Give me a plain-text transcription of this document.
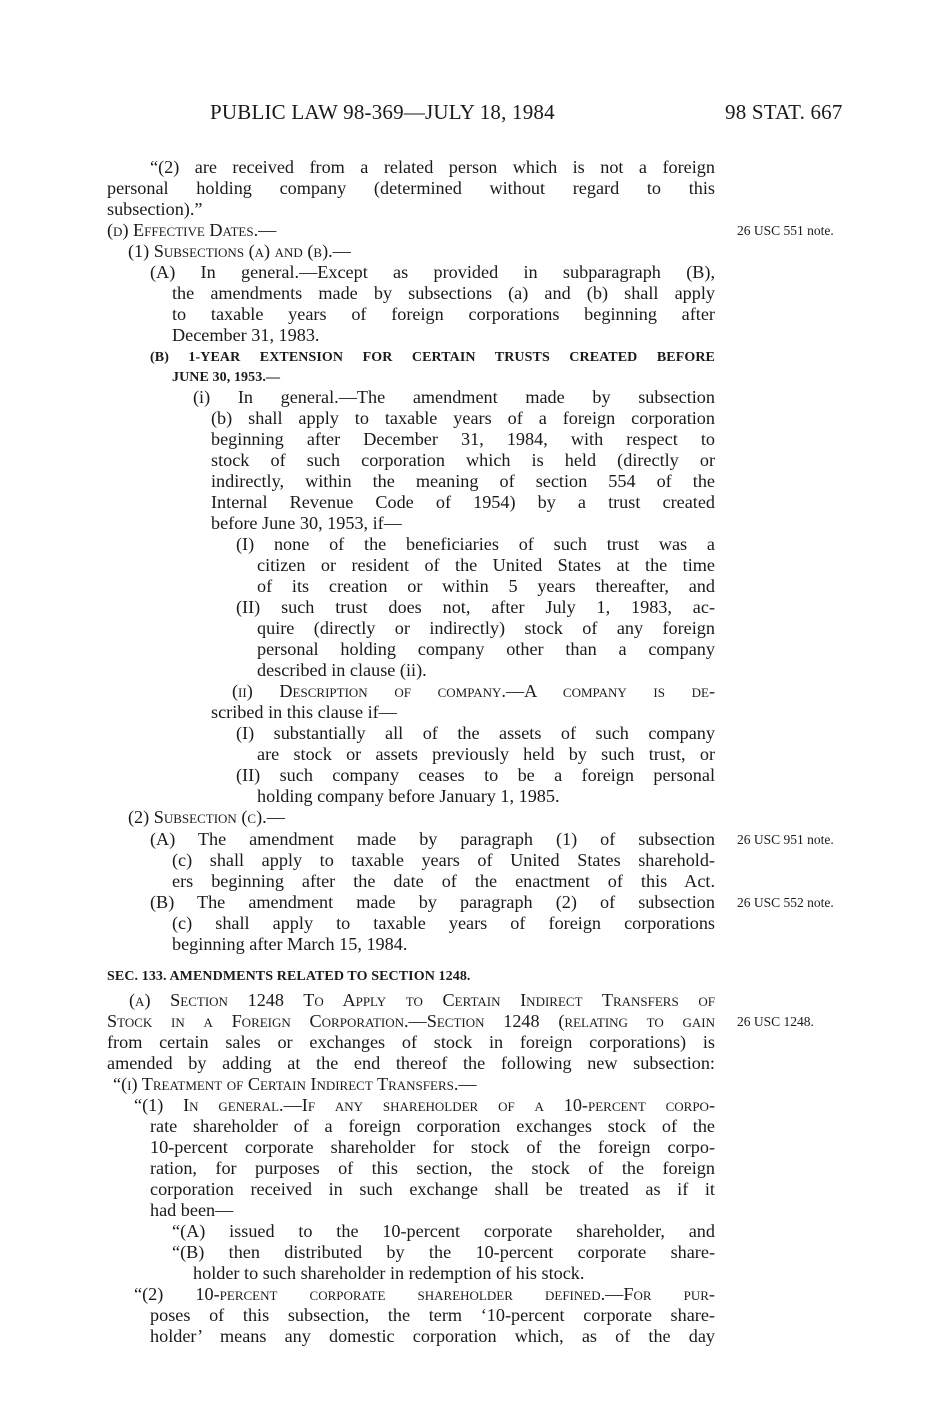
PUBLIC LAW 98-369—JULY 18, 1984	98 STAT. 667
“(2) are received from a related person which is not a foreign
personal holding company (determined without regard to this
subsection).”
(d) Effective Dates.—
(1) Subsections (a) and (b).—
(A) In general.—Except as provided in subparagraph (B),
the amendments made by subsections (a) and (b) shall apply
to taxable years of foreign corporations beginning after
December 31, 1983.
(B) 1-YEAR EXTENSION FOR CERTAIN TRUSTS CREATED BEFORE
JUNE 30, 1953.—
(i) In general.—The amendment made by subsection
(b) shall apply to taxable years of a foreign corporation
beginning after December 31, 1984, with respect to
stock of such corporation which is held (directly or
indirectly, within the meaning of section 554 of the
Internal Revenue Code of 1954) by a trust created
before June 30, 1953, if—
(I) none of the beneficiaries of such trust was a
citizen or resident of the United States at the time
of its creation or within 5 years thereafter, and
(II) such trust does not, after July 1, 1983, ac-
quire (directly or indirectly) stock of any foreign
personal holding company other than a company
described in clause (ii).
(ii) Description of company.—A company is de-
scribed in this clause if—
(I) substantially all of the assets of such company
are stock or assets previously held by such trust, or
(II) such company ceases to be a foreign personal
holding company before January 1, 1985.
(2) Subsection (c).—
(A) The amendment made by paragraph (1) of subsection
(c) shall apply to taxable years of United States sharehold-
ers beginning after the date of the enactment of this Act.
(B) The amendment made by paragraph (2) of subsection
(c) shall apply to taxable years of foreign corporations
beginning after March 15, 1984.
SEC. 133. AMENDMENTS RELATED TO SECTION 1248.
(a) Section 1248 To Apply to Certain Indirect Transfers of
Stock in a Foreign Corporation.—Section 1248 (relating to gain
from certain sales or exchanges of stock in foreign corporations) is
amended by adding at the end thereof the following new subsection:
“(i) Treatment of Certain Indirect Transfers.—
“(1) In general.—If any shareholder of a 10-percent corpo-
rate shareholder of a foreign corporation exchanges stock of the
10-percent corporate shareholder for stock of the foreign corpo-
ration, for purposes of this section, the stock of the foreign
corporation received in such exchange shall be treated as if it
had been—
“(A) issued to the 10-percent corporate shareholder, and
“(B) then distributed by the 10-percent corporate share-
holder to such shareholder in redemption of his stock.
“(2) 10-percent corporate shareholder defined.—For pur-
poses of this subsection, the term ‘10-percent corporate share-
holder’ means any domestic corporation which, as of the day
26 USC 551 note.
26 USC 951 note.
26 USC 552 note.
26 USC 1248.
